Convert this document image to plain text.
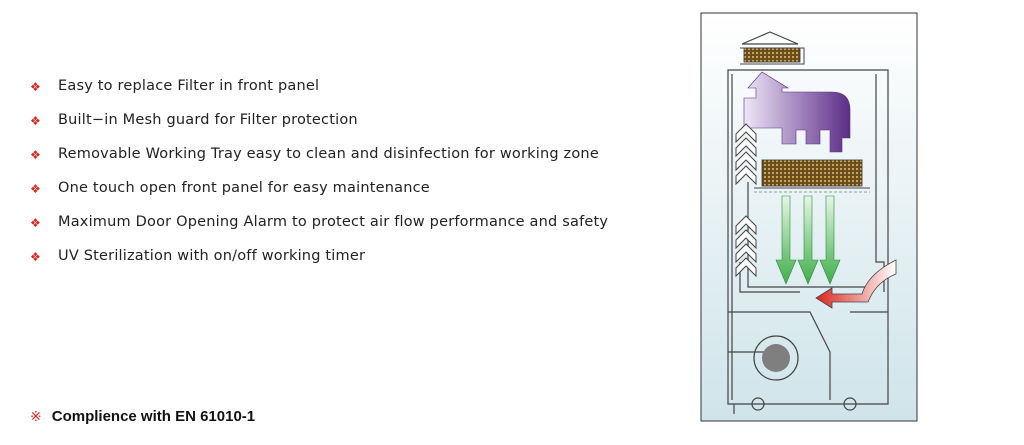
❖ Easy to replace Filter in front panel
❖ Built−in Mesh guard for Filter protection
❖ Removable Working Tray easy to clean and disinfection for working zone
❖ One touch open front panel for easy maintenance
❖ Maximum Door Opening Alarm to protect air flow performance and safety
❖ UV Sterilization with on/off working timer
※ Complience with EN 61010-1
